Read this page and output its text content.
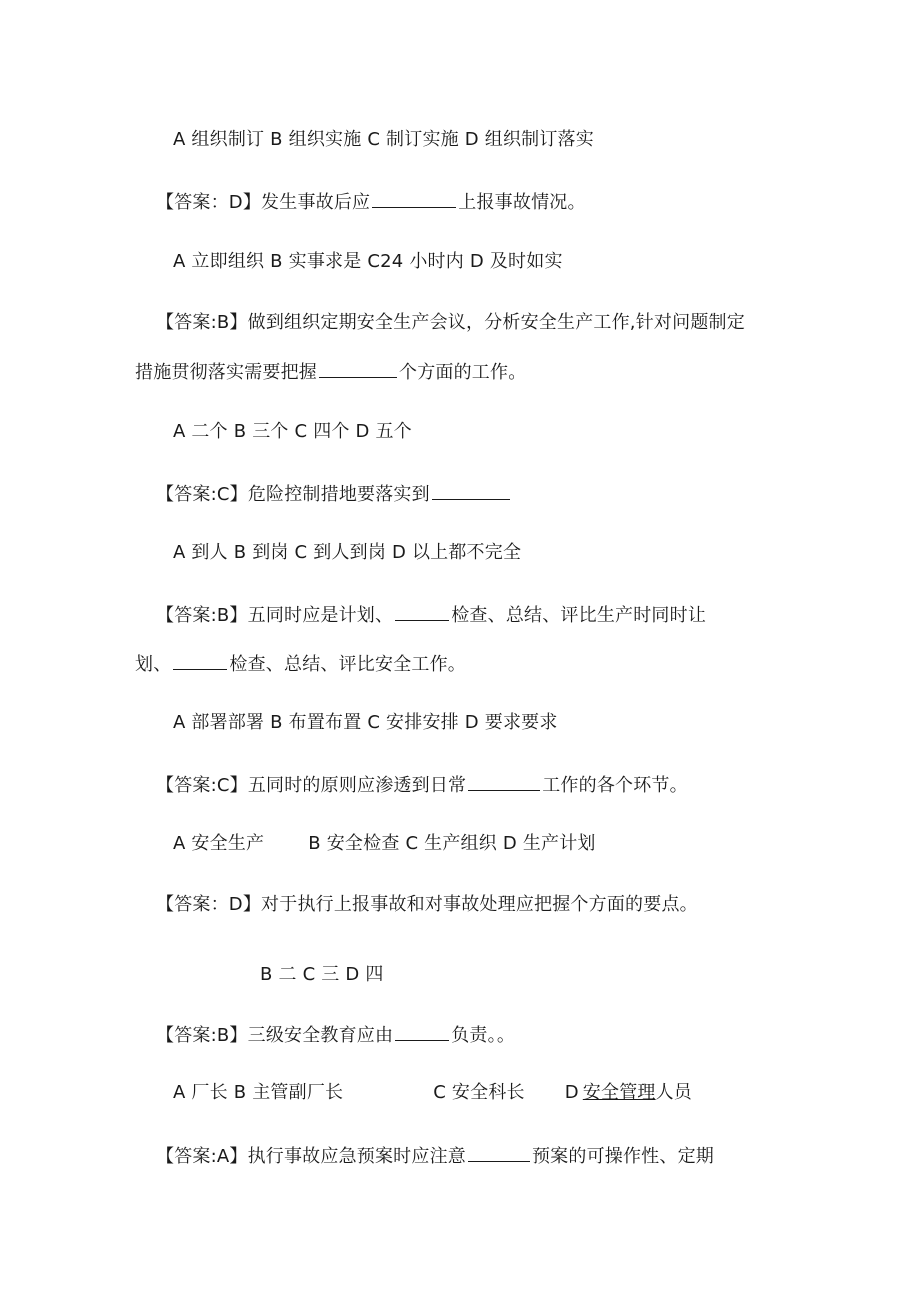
A 组织制订 B 组织实施 C 制订实施 D 组织制订落实
【答案：D】发生事故后应	上报事故情况。
A 立即组织 B 实事求是 C24 小时内 D 及时如实
【答案:B】做到组织定期安全生产会议，分析安全生产工作,针对问题制定
措施贯彻落实需要把握	个方面的工作。
A 二个 B 三个 C 四个 D 五个
【答案:C】危险控制措地要落实到
A 到人 B 到岗 C 到人到岗 D 以上都不完全
【答案:B】五同时应是计划、	检查、总结、评比生产时同时让
划、	检查、总结、评比安全工作。
A 部署部署 B 布置布置 C 安排安排 D 要求要求
【答案:C】五同时的原则应渗透到日常	工作的各个环节。
A 安全生产 B 安全检查 C 生产组织 D 生产计划
【答案：D】对于执行上报事故和对事故处理应把握个方面的要点。
B 二 C 三 D 四
【答案:B】三级安全教育应由	负责。。
A 厂长 B 主管副厂长	C 安全科长 D 安全管理人员
【答案:A】执行事故应急预案时应注意	预案的可操作性、定期
